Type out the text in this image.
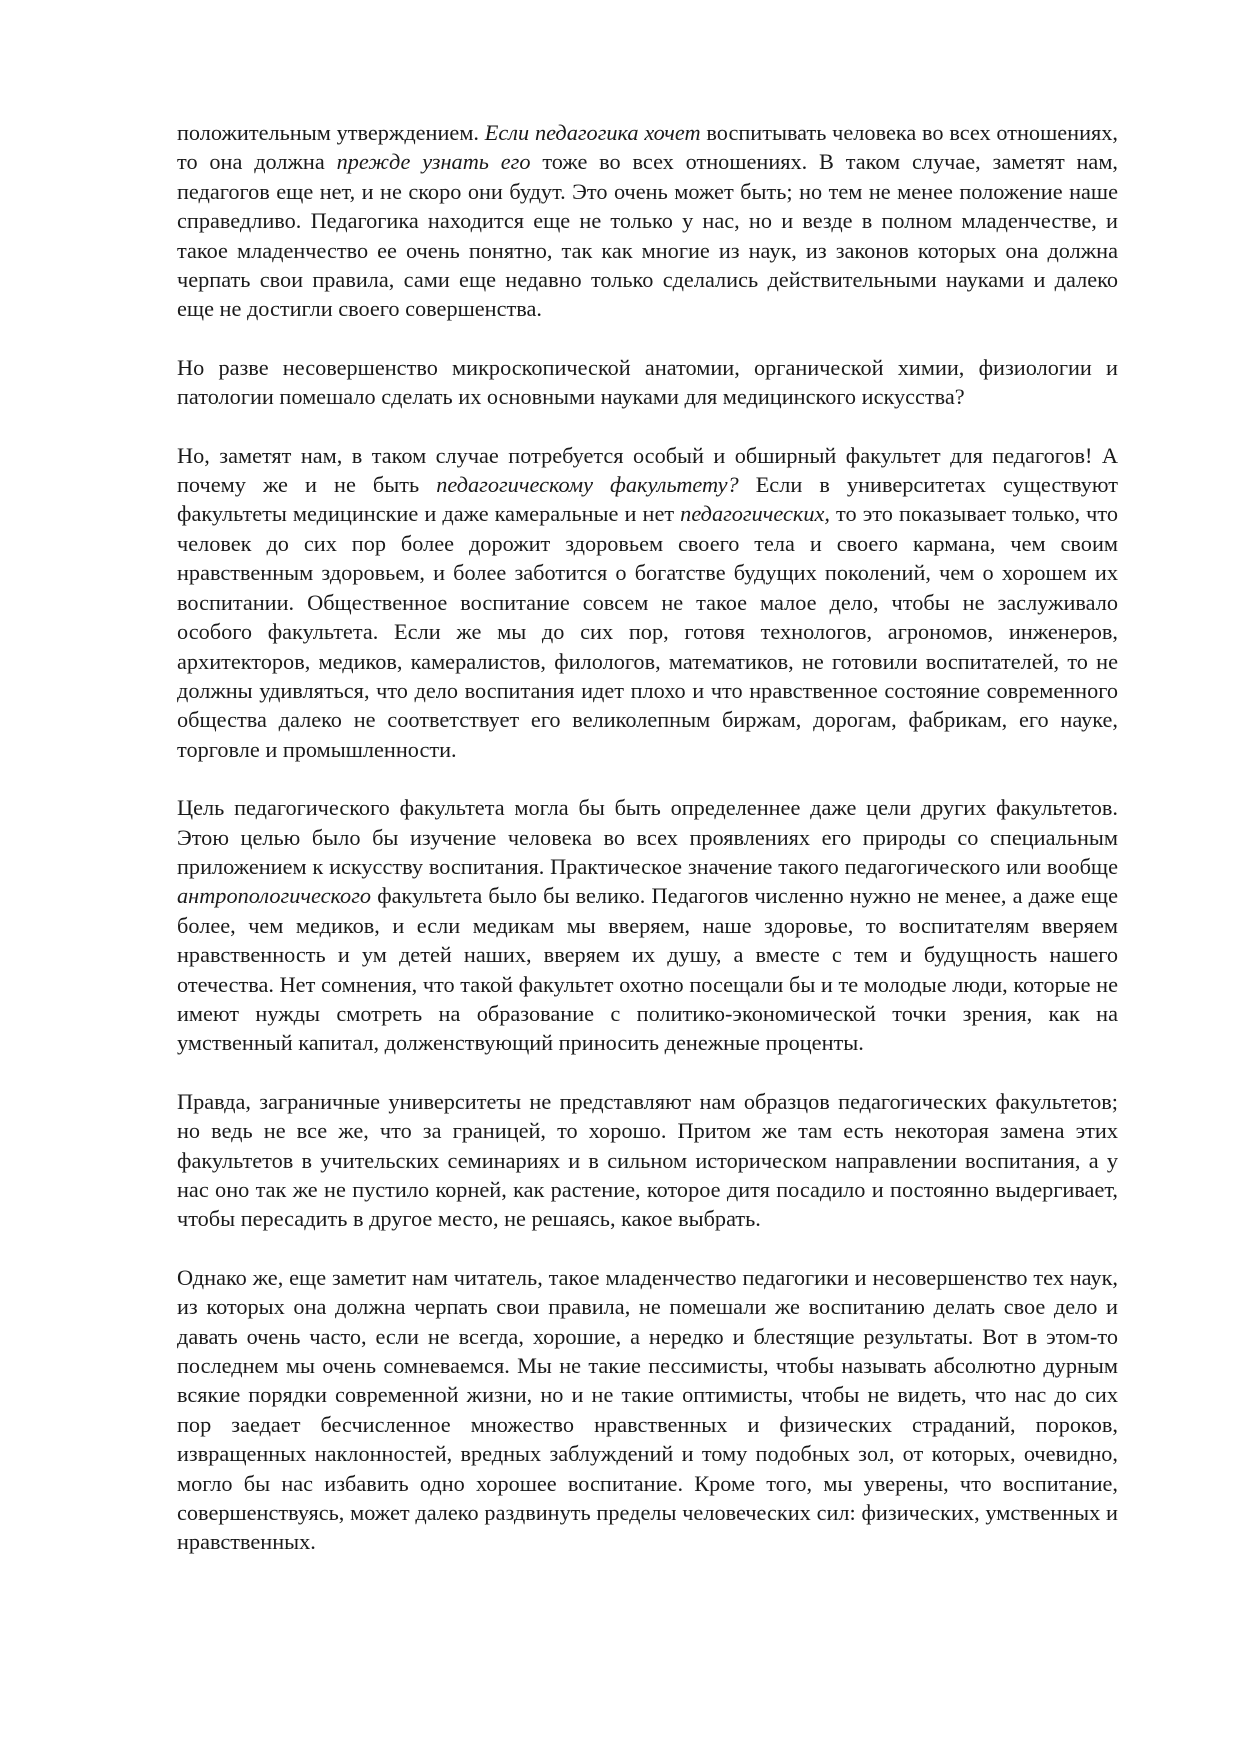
положительным утверждением. Если педагогика хочет воспитывать человека во всех отношениях, то она должна прежде узнать его тоже во всех отношениях. В таком случае, заметят нам, педагогов еще нет, и не скоро они будут. Это очень может быть; но тем не менее положение наше справедливо. Педагогика находится еще не только у нас, но и везде в полном младенчестве, и такое младенчество ее очень понятно, так как многие из наук, из законов которых она должна черпать свои правила, сами еще недавно только сделались действительными науками и далеко еще не достигли своего совершенства.

Но разве несовершенство микроскопической анатомии, органической химии, физиологии и патологии помешало сделать их основными науками для медицинского искусства?

Но, заметят нам, в таком случае потребуется особый и обширный факультет для педагогов! А почему же и не быть педагогическому факультету? Если в университетах существуют факультеты медицинские и даже камеральные и нет педагогических, то это показывает только, что человек до сих пор более дорожит здоровьем своего тела и своего кармана, чем своим нравственным здоровьем, и более заботится о богатстве будущих поколений, чем о хорошем их воспитании. Общественное воспитание совсем не такое малое дело, чтобы не заслуживало особого факультета. Если же мы до сих пор, готовя технологов, агрономов, инженеров, архитекторов, медиков, камералистов, филологов, математиков, не готовили воспитателей, то не должны удивляться, что дело воспитания идет плохо и что нравственное состояние современного общества далеко не соответствует его великолепным биржам, дорогам, фабрикам, его науке, торговле и промышленности.

Цель педагогического факультета могла бы быть определеннее даже цели других факультетов. Этою целью было бы изучение человека во всех проявлениях его природы со специальным приложением к искусству воспитания. Практическое значение такого педагогического или вообще антропологического факультета было бы велико. Педагогов численно нужно не менее, а даже еще более, чем медиков, и если медикам мы вверяем, наше здоровье, то воспитателям вверяем нравственность и ум детей наших, вверяем их душу, а вместе с тем и будущность нашего отечества. Нет сомнения, что такой факультет охотно посещали бы и те молодые люди, которые не имеют нужды смотреть на образование с политико-экономической точки зрения, как на умственный капитал, долженствующий приносить денежные проценты.

Правда, заграничные университеты не представляют нам образцов педагогических факультетов; но ведь не все же, что за границей, то хорошо. Притом же там есть некоторая замена этих факультетов в учительских семинариях и в сильном историческом направлении воспитания, а у нас оно так же не пустило корней, как растение, которое дитя посадило и постоянно выдергивает, чтобы пересадить в другое место, не решаясь, какое выбрать.

Однако же, еще заметит нам читатель, такое младенчество педагогики и несовершенство тех наук, из которых она должна черпать свои правила, не помешали же воспитанию делать свое дело и давать очень часто, если не всегда, хорошие, а нередко и блестящие результаты. Вот в этом-то последнем мы очень сомневаемся. Мы не такие пессимисты, чтобы называть абсолютно дурным всякие порядки современной жизни, но и не такие оптимисты, чтобы не видеть, что нас до сих пор заедает бесчисленное множество нравственных и физических страданий, пороков, извращенных наклонностей, вредных заблуждений и тому подобных зол, от которых, очевидно, могло бы нас избавить одно хорошее воспитание. Кроме того, мы уверены, что воспитание, совершенствуясь, может далеко раздвинуть пределы человеческих сил: физических, умственных и нравственных.
